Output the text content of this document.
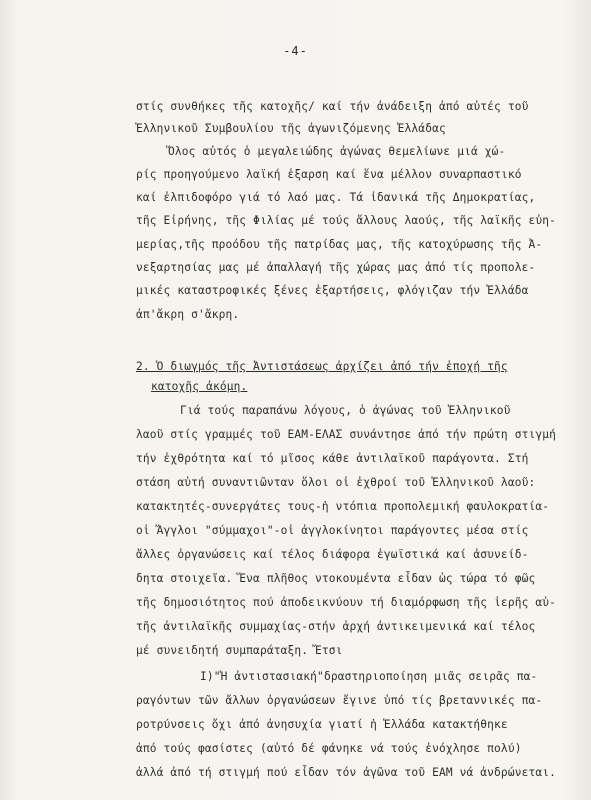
-4-
στίς συνθήκες τῆς κατοχῆς/ καί τήν ἀνάδειξη ἀπό αὐτές τοῦ
Ἑλληνικοῦ Συμβουλίου τῆς ἀγωνιζόμενης Ἑλλάδας
Ὅλος αὐτός ὁ μεγαλειώδης ἀγώνας θεμελίωνε μιά χώ-
ρίς προηγούμενο λαϊκή ἐξαρση καί ἕνα μέλλον συναρπαστικό
καί ἐλπιδοφόρο γιά τό λαό μας. Τά ἰδανικά τῆς Δημοκρατίας,
τῆς Εἰρήνης, τῆς Φιλίας μέ τούς ἄλλους λαούς, τῆς λαϊκῆς εὐη-
μερίας,τῆς προόδου τῆς πατρίδας μας, τῆς κατοχύρωσης τῆς Ἀ-
νεξαρτησίας μας μέ ἀπαλλαγή τῆς χώρας μας ἀπό τίς προπολε-
μικές καταστροφικές ξένες ἐξαρτήσεις, φλόγιζαν τήν Ἑλλάδα
ἀπ'ἄκρη σ'ἄκρη.
2. Ὁ διωγμός τῆς Ἀντιστάσεως ἀρχίζει ἀπό τήν ἐποχή τῆς
κατοχῆς ἀκόμη.
Γιά τούς παραπάνω λόγους, ὁ ἀγώνας τοῦ Ἑλληνικοῦ
λαοῦ στίς γραμμές τοῦ ΕΑΜ-ΕΛΑΣ συνάντησε ἀπό τήν πρώτη στιγμή
τήν ἐχθρότητα καί τό μῖσος κάθε ἀντιλαϊκοῦ παράγοντα. Στή
στάση αὐτή συναντιῶνταν ὅλοι οἱ ἐχθροί τοῦ Ἑλληνικοῦ λαοῦ:
κατακτητές-συνεργάτες τους-ἡ ντόπια προπολεμική φαυλοκρατία-
οἱ Ἄγγλοι "σύμμαχοι"-οἱ ἀγγλοκίνητοι παράγοντες μέσα στίς
ἄλλες ὀργανώσεις καί τέλος διάφορα ἐγωϊστικά καί ἀσυνείδ-
δητα στοιχεῖα. Ἕνα πλῆθος ντοκουμέντα εἶδαν ὡς τώρα τό φῶς
τῆς δημοσιότητος πού ἀποδεικνύουν τή διαμόρφωση τῆς ἱερῆς αὐ-
τῆς ἀντιλαϊκῆς συμμαχίας-στήν ἀρχή ἀντικειμενικά καί τέλος
μέ συνειδητή συμπαράταξη. Ἔτσι
I)"Ἡ ἀντιστασιακή"δραστηριοποίηση μιᾶς σειρᾶς πα-
ραγόντων τῶν ἄλλων ὀργανώσεων ἔγινε ὑπό τίς βρεταννικές πα-
ροτρύνσεις ὄχι ἀπό ἀνησυχία γιατί ἡ Ἑλλάδα κατακτήθηκε
ἀπό τούς φασίστες (αὐτό δέ φάνηκε νά τούς ἐνόχλησε πολύ)
ἀλλά ἀπό τή στιγμή πού εἶδαν τόν ἀγῶνα τοῦ ΕΑΜ νά ἀνδρώνεται.
